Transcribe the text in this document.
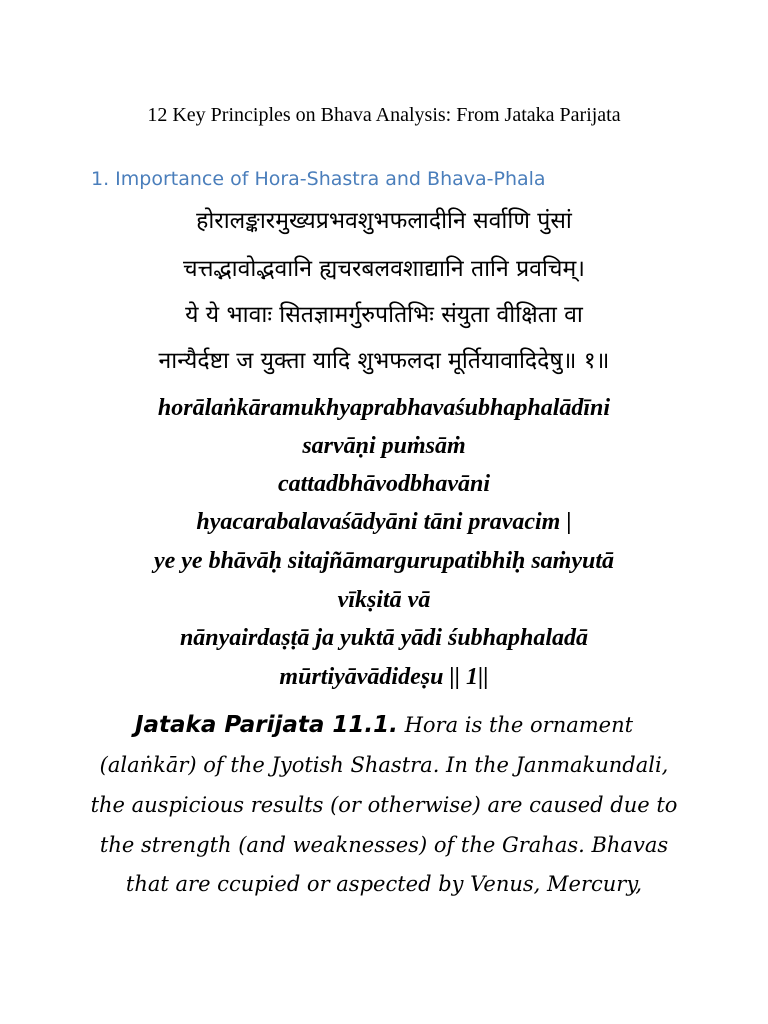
12 Key Principles on Bhava Analysis: From Jataka Parijata
1. Importance of Hora-Shastra and Bhava-Phala
होरालङ्कारमुख्यप्रभवशुभफलादीनि सर्वाणि पुंसां
चत्तद्भावोद्भवानि ह्यचरबलवशाद्यानि तानि प्रवचिम्।
ये ये भावाः सितज्ञामर्गुरुपतिभिः संयुता वीक्षिता वा
नान्यैर्दष्टा ज युक्ता यादि शुभफलदा मूर्तियावादिदेषु॥ १॥
horālaṅkāramukhyaprabhavaśubhaphalādīni
sarvāṇi puṁsāṁ
cattadbhāvodbhavāni
hyacarabalavaśādyāni tāni pravacim |
ye ye bhāvāḥ sitajñāmargurupatibhiḥ saṁyutā
vīkṣitā vā
nānyairdaṣṭā ja yuktā yādi śubhaphaladā
mūrtiyāvādideṣu || 1||
Jataka Parijata 11.1. Hora is the ornament
(alaṅkār) of the Jyotish Shastra. In the Janmakundali,
the auspicious results (or otherwise) are caused due to
the strength (and weaknesses) of the Grahas. Bhavas
that are ccupied or aspected by Venus, Mercury,
